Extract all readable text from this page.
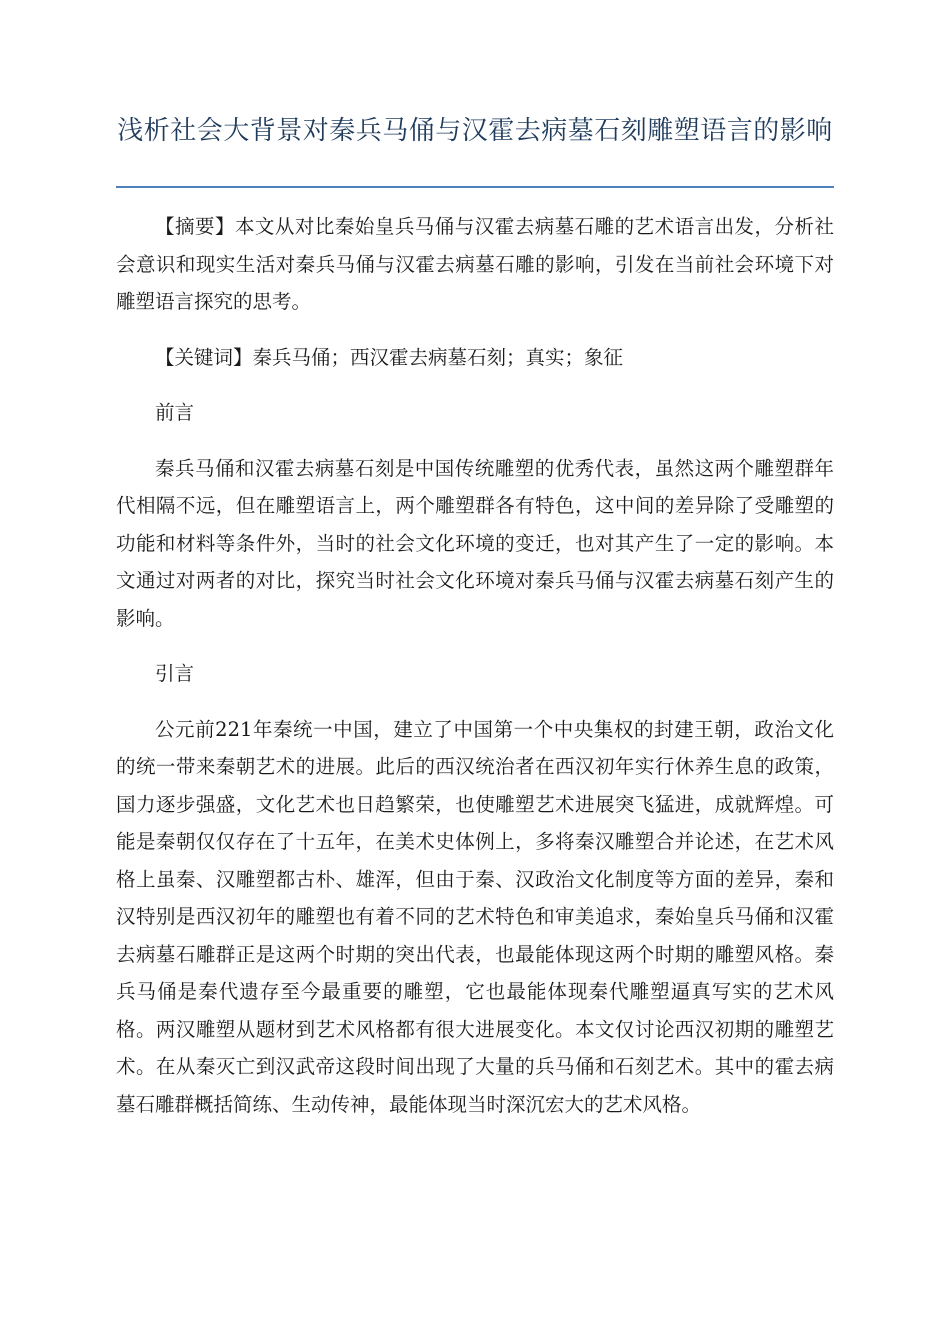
浅析社会大背景对秦兵马俑与汉霍去病墓石刻雕塑语言的影响

【摘要】本文从对比秦始皇兵马俑与汉霍去病墓石雕的艺术语言出发，分析社会意识和现实生活对秦兵马俑与汉霍去病墓石雕的影响，引发在当前社会环境下对雕塑语言探究的思考。

【关键词】秦兵马俑；西汉霍去病墓石刻；真实；象征

前言

秦兵马俑和汉霍去病墓石刻是中国传统雕塑的优秀代表，虽然这两个雕塑群年代相隔不远，但在雕塑语言上，两个雕塑群各有特色，这中间的差异除了受雕塑的功能和材料等条件外，当时的社会文化环境的变迁，也对其产生了一定的影响。本文通过对两者的对比，探究当时社会文化环境对秦兵马俑与汉霍去病墓石刻产生的影响。

引言

公元前221年秦统一中国，建立了中国第一个中央集权的封建王朝，政治文化的统一带来秦朝艺术的进展。此后的西汉统治者在西汉初年实行休养生息的政策，国力逐步强盛，文化艺术也日趋繁荣，也使雕塑艺术进展突飞猛进，成就辉煌。可能是秦朝仅仅存在了十五年，在美术史体例上，多将秦汉雕塑合并论述，在艺术风格上虽秦、汉雕塑都古朴、雄浑，但由于秦、汉政治文化制度等方面的差异，秦和汉特别是西汉初年的雕塑也有着不同的艺术特色和审美追求，秦始皇兵马俑和汉霍去病墓石雕群正是这两个时期的突出代表，也最能体现这两个时期的雕塑风格。秦兵马俑是秦代遗存至今最重要的雕塑，它也最能体现秦代雕塑逼真写实的艺术风格。两汉雕塑从题材到艺术风格都有很大进展变化。本文仅讨论西汉初期的雕塑艺术。在从秦灭亡到汉武帝这段时间出现了大量的兵马俑和石刻艺术。其中的霍去病墓石雕群概括简练、生动传神，最能体现当时深沉宏大的艺术风格。
